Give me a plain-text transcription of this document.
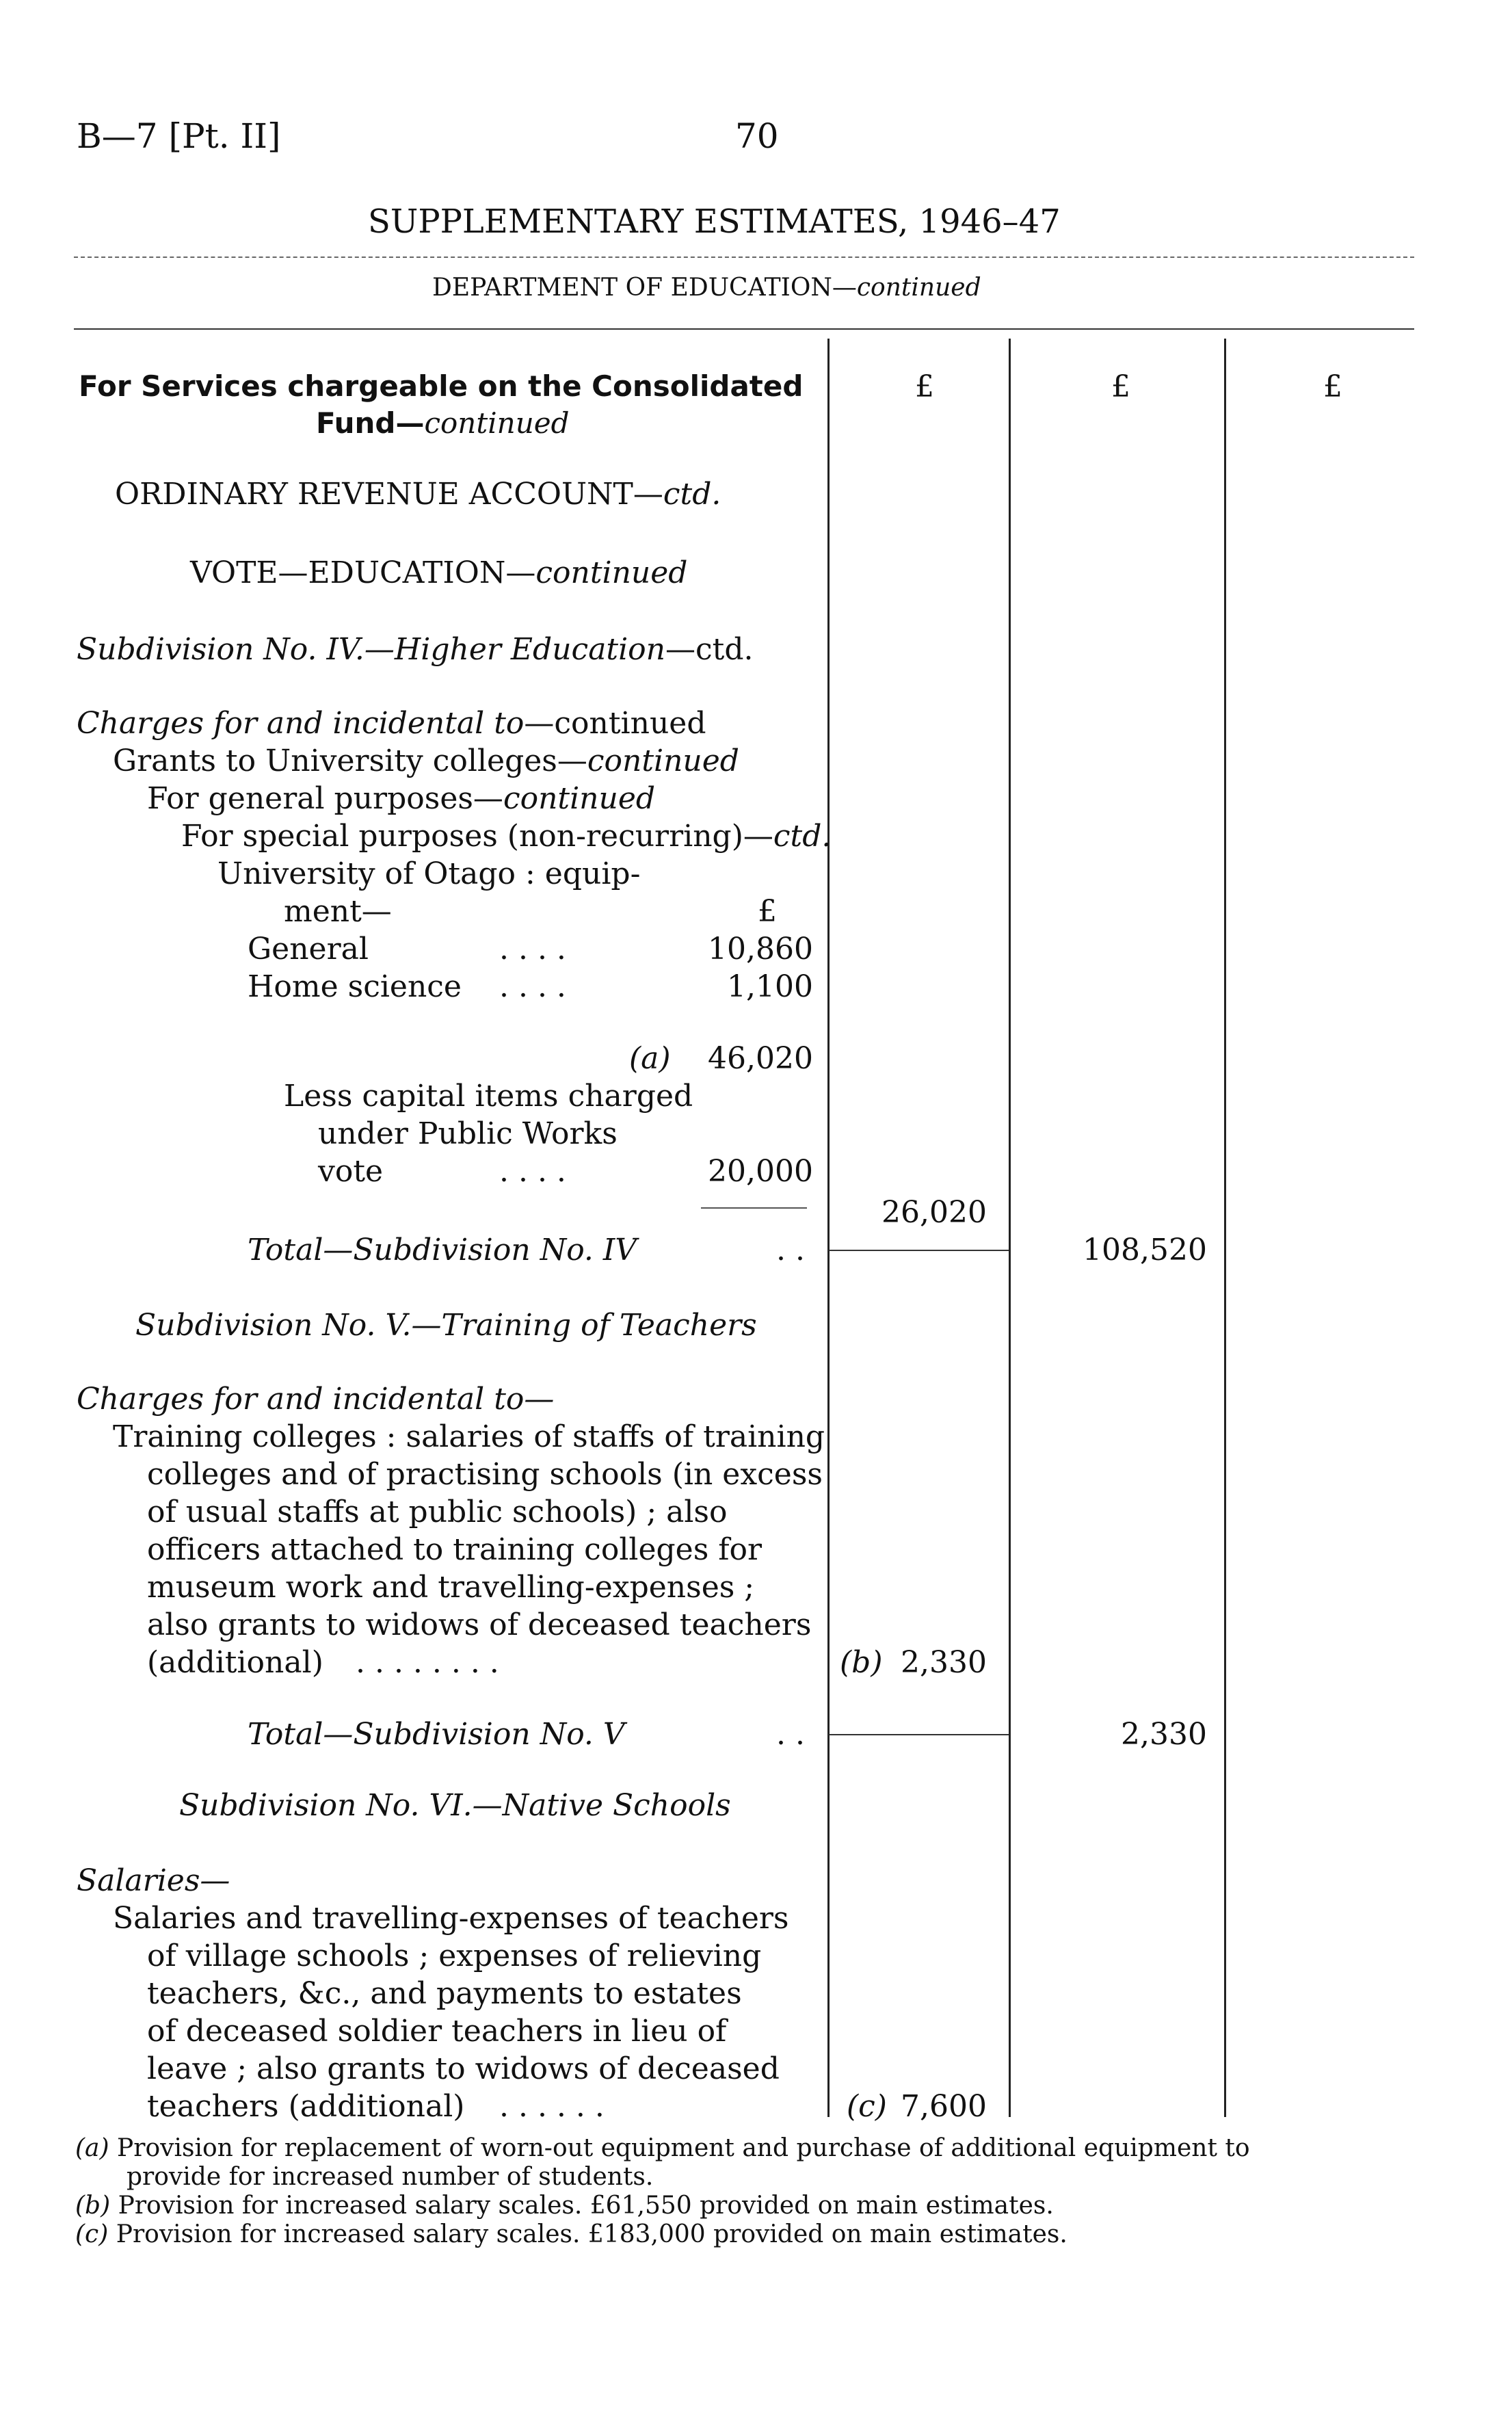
B—7 [Pt. II]	70
SUPPLEMENTARY ESTIMATES, 1946–47
DEPARTMENT OF EDUCATION—continued
£	£	£
For Services chargeable on the Consolidated
Fund—continued
ORDINARY REVENUE ACCOUNT—ctd.
VOTE—EDUCATION—continued
Subdivision No. IV.—Higher Education—ctd.
Charges for and incidental to—continued
Grants to University colleges—continued
For general purposes—continued
For special purposes (non-recurring)—ctd.
University of Otago : equip-
ment—	£
General	. . . .	10,860
Home science . . . .	1,100
(a) 46,020
Less capital items charged
under Public Works
vote	. . . .	20,000
26,020
Total—Subdivision No. IV	. .	108,520
Subdivision No. V.—Training of Teachers
Charges for and incidental to—
Training colleges : salaries of staffs of training
colleges and of practising schools (in excess
of usual staffs at public schools) ; also
officers attached to training colleges for
museum work and travelling-expenses ;
also grants to widows of deceased teachers
(additional) . . . . . . . .	(b) 2,330
Total—Subdivision No. V	. .	2,330
Subdivision No. VI.—Native Schools
Salaries—
Salaries and travelling-expenses of teachers
of village schools ; expenses of relieving
teachers, &c., and payments to estates
of deceased soldier teachers in lieu of
leave ; also grants to widows of deceased
teachers (additional) . . . . . .	(c) 7,600
(a) Provision for replacement of worn-out equipment and purchase of additional equipment to
provide for increased number of students.
(b) Provision for increased salary scales. £61,550 provided on main estimates.
(c) Provision for increased salary scales. £183,000 provided on main estimates.
